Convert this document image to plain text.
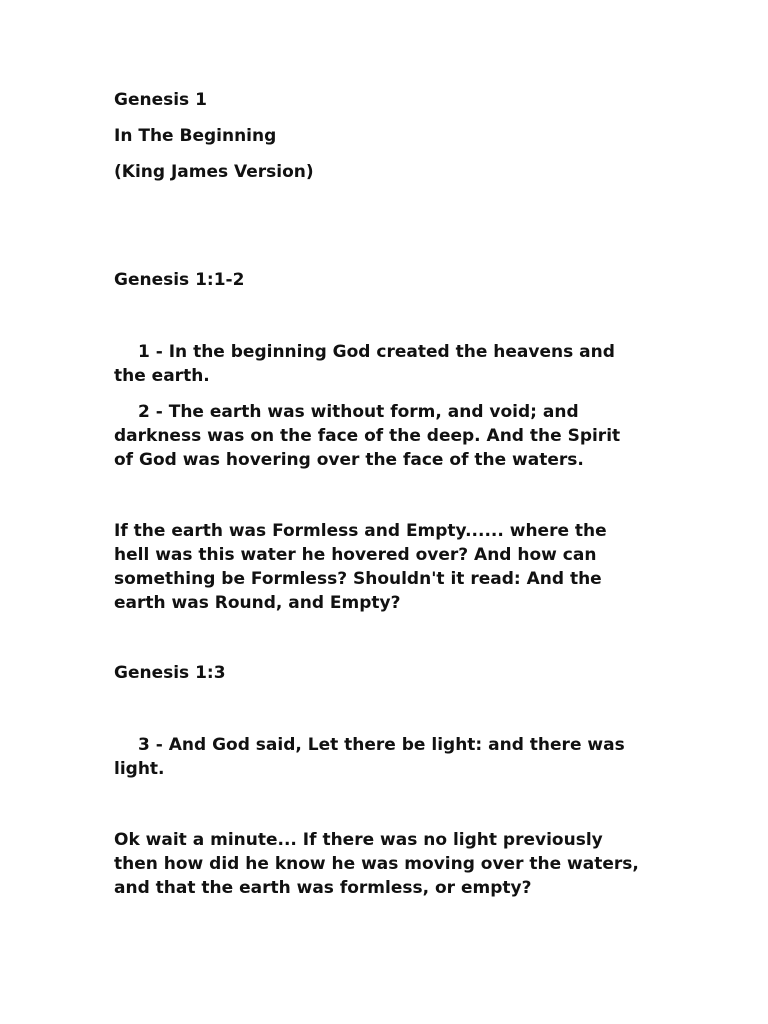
Genesis 1
In The Beginning
(King James Version)
Genesis 1:1-2

1 - In the beginning God created the heavens and the earth.

2 - The earth was without form, and void; and darkness was on the face of the deep. And the Spirit of God was hovering over the face of the waters.

If the earth was Formless and Empty...... where the hell was this water he hovered over? And how can something be Formless? Shouldn't it read: And the earth was Round, and Empty?
Genesis 1:3

3 - And God said, Let there be light: and there was light.

Ok wait a minute... If there was no light previously then how did he know he was moving over the waters, and that the earth was formless, or empty?
